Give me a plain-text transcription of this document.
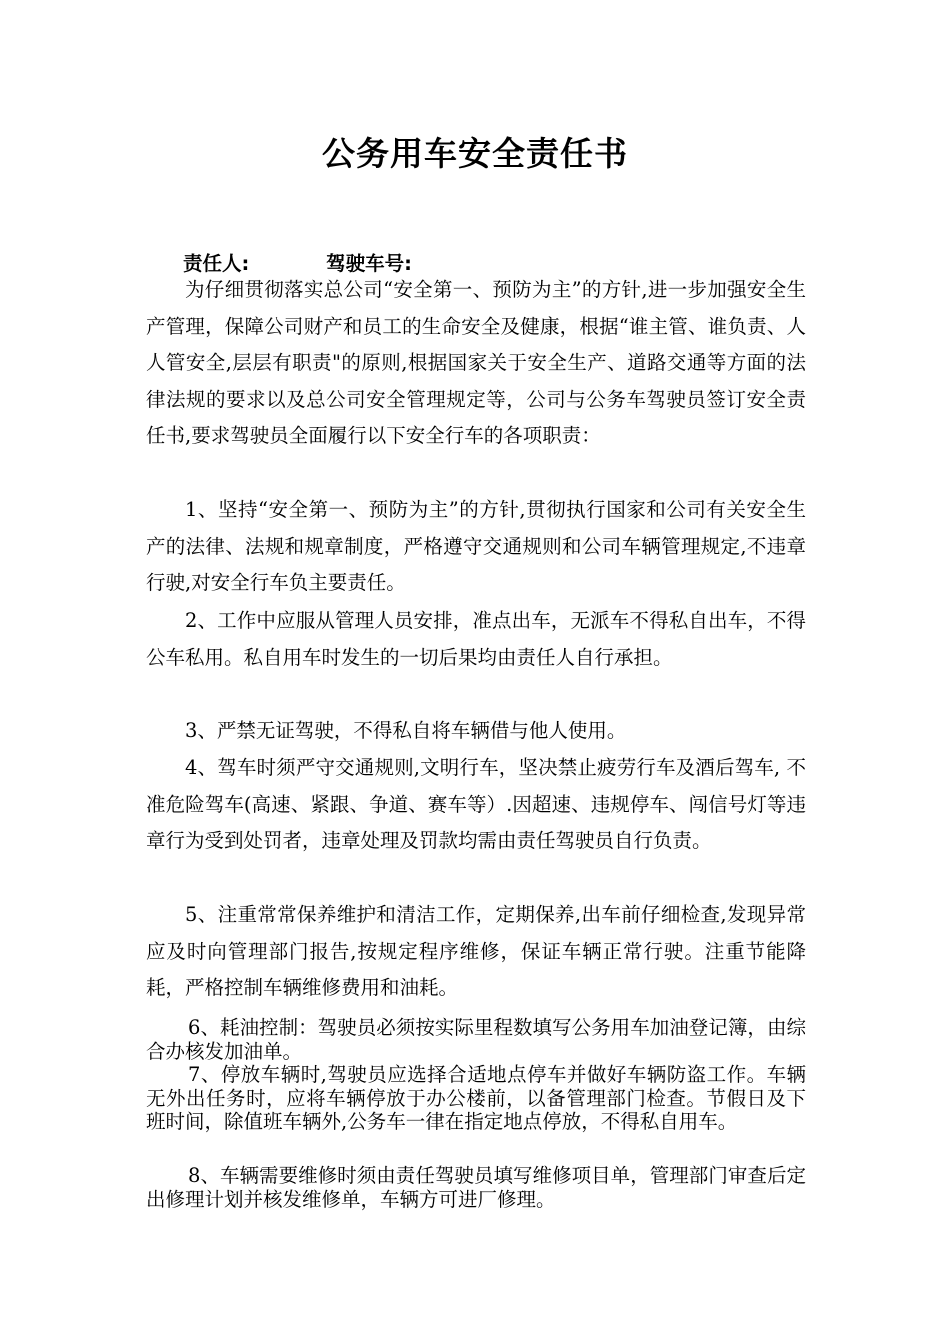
公务用车安全责任书
责任人:	驾驶车号:

为仔细贯彻落实总公司“安全第一、预防为主”的方针,进一步加强安全生产管理，保障公司财产和员工的生命安全及健康，根据“谁主管、谁负责、人人管安全,层层有职责"的原则,根据国家关于安全生产、道路交通等方面的法律法规的要求以及总公司安全管理规定等，公司与公务车驾驶员签订安全责任书,要求驾驶员全面履行以下安全行车的各项职责：

1、坚持“安全第一、预防为主”的方针,贯彻执行国家和公司有关安全生产的法律、法规和规章制度，严格遵守交通规则和公司车辆管理规定,不违章行驶,对安全行车负主要责任。

2、工作中应服从管理人员安排，准点出车，无派车不得私自出车，不得公车私用。私自用车时发生的一切后果均由责任人自行承担。

3、严禁无证驾驶，不得私自将车辆借与他人使用。

4、驾车时须严守交通规则,文明行车，坚决禁止疲劳行车及酒后驾车, 不准危险驾车(高速、紧跟、争道、赛车等）.因超速、违规停车、闯信号灯等违章行为受到处罚者，违章处理及罚款均需由责任驾驶员自行负责。

5、注重常常保养维护和清洁工作，定期保养,出车前仔细检查,发现异常应及时向管理部门报告,按规定程序维修，保证车辆正常行驶。注重节能降耗，严格控制车辆维修费用和油耗。

6、耗油控制：驾驶员必须按实际里程数填写公务用车加油登记簿，由综合办核发加油单。

7、停放车辆时,驾驶员应选择合适地点停车并做好车辆防盗工作。车辆无外出任务时，应将车辆停放于办公楼前，以备管理部门检查。节假日及下班时间，除值班车辆外,公务车一律在指定地点停放，不得私自用车。

8、车辆需要维修时须由责任驾驶员填写维修项目单，管理部门审查后定出修理计划并核发维修单，车辆方可进厂修理。
